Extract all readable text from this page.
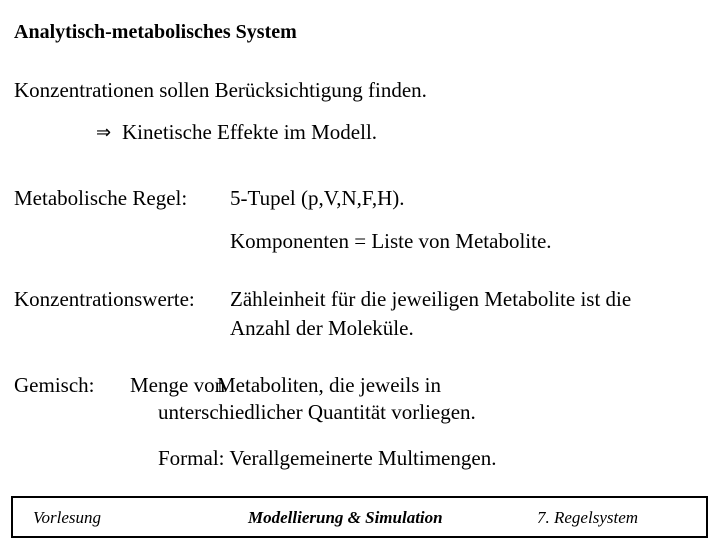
Analytisch-metabolisches System
Konzentrationen sollen Berücksichtigung finden.
⇒ Kinetische Effekte im Modell.
Metabolische Regel: 5-Tupel (p,V,N,F,H).
Komponenten = Liste von Metabolite.
Konzentrationswerte: Zähleinheit für die jeweiligen Metabolite ist die
Anzahl der Moleküle.
Gemisch: Menge von
Metaboliten, die jeweils in
unterschiedlicher Quantität vorliegen.
Formal: Verallgemeinerte Multimengen.
Vorlesung	Modellierung & Simulation	7. Regelsystem
